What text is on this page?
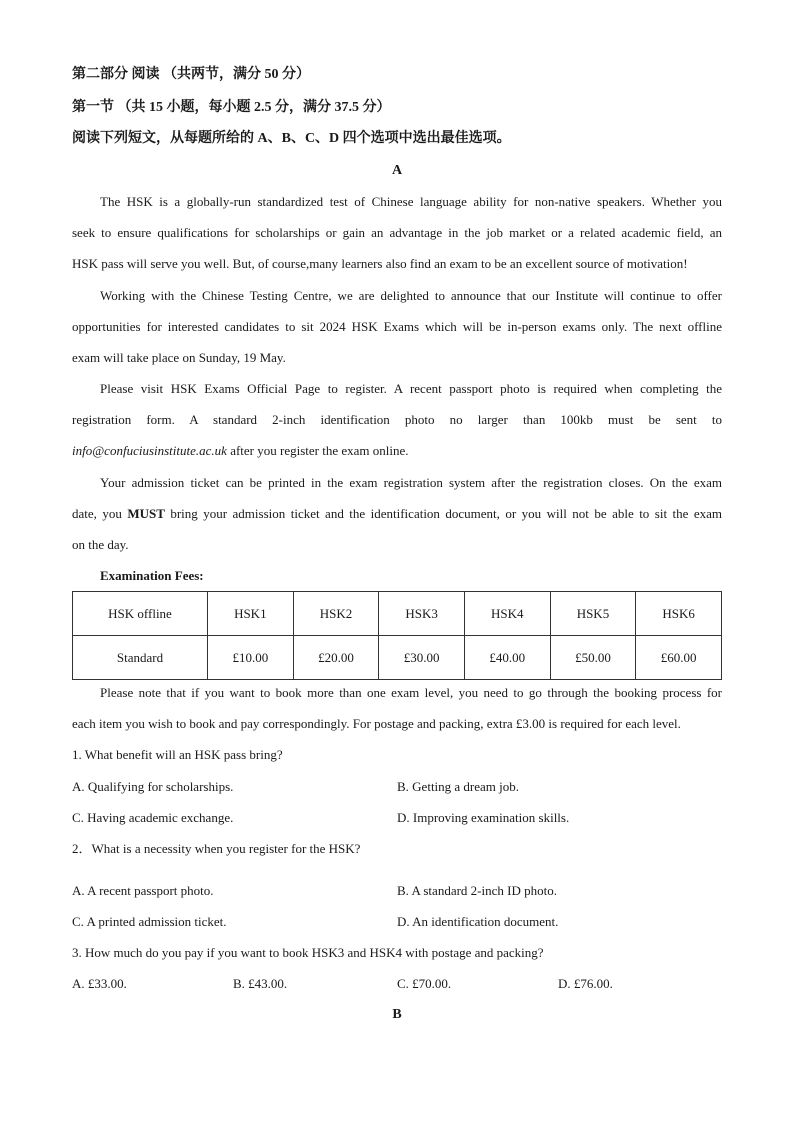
第二部分 阅读 （共两节，满分 50 分）
第一节 （共 15 小题，每小题 2.5 分，满分 37.5 分）
阅读下列短文，从每题所给的 A、B、C、D 四个选项中选出最佳选项。
A
The HSK is a globally-run standardized test of Chinese language ability for non-native speakers. Whether you
seek to ensure qualifications for scholarships or gain an advantage in the job market or a related academic field, an
HSK pass will serve you well. But, of course,many learners also find an exam to be an excellent source of motivation!
Working with the Chinese Testing Centre, we are delighted to announce that our Institute will continue to offer
opportunities for interested candidates to sit 2024 HSK Exams which will be in-person exams only. The next offline
exam will take place on Sunday, 19 May.
Please visit HSK Exams Official Page to register. A recent passport photo is required when completing the
registration form. A standard 2-inch identification photo no larger than 100kb must be sent to
info@confuciusinstitute.ac.uk after you register the exam online.
Your admission ticket can be printed in the exam registration system after the registration closes. On the exam
date, you MUST bring your admission ticket and the identification document, or you will not be able to sit the exam
on the day.
Examination Fees:
HSK offline	HSK1	HSK2	HSK3	HSK4	HSK5	HSK6
Standard	£10.00	£20.00	£30.00	£40.00	£50.00	£60.00
Please note that if you want to book more than one exam level, you need to go through the booking process for
each item you wish to book and pay correspondingly. For postage and packing, extra £3.00 is required for each level.
1. What benefit will an HSK pass bring?
A. Qualifying for scholarships.	B. Getting a dream job.
C. Having academic exchange.	D. Improving examination skills.
2．What is a necessity when you register for the HSK?
A. A recent passport photo.	B. A standard 2-inch ID photo.
C. A printed admission ticket.	D. An identification document.
3. How much do you pay if you want to book HSK3 and HSK4 with postage and packing?
A. £33.00.	B. £43.00.	C. £70.00.	D. £76.00.
B
